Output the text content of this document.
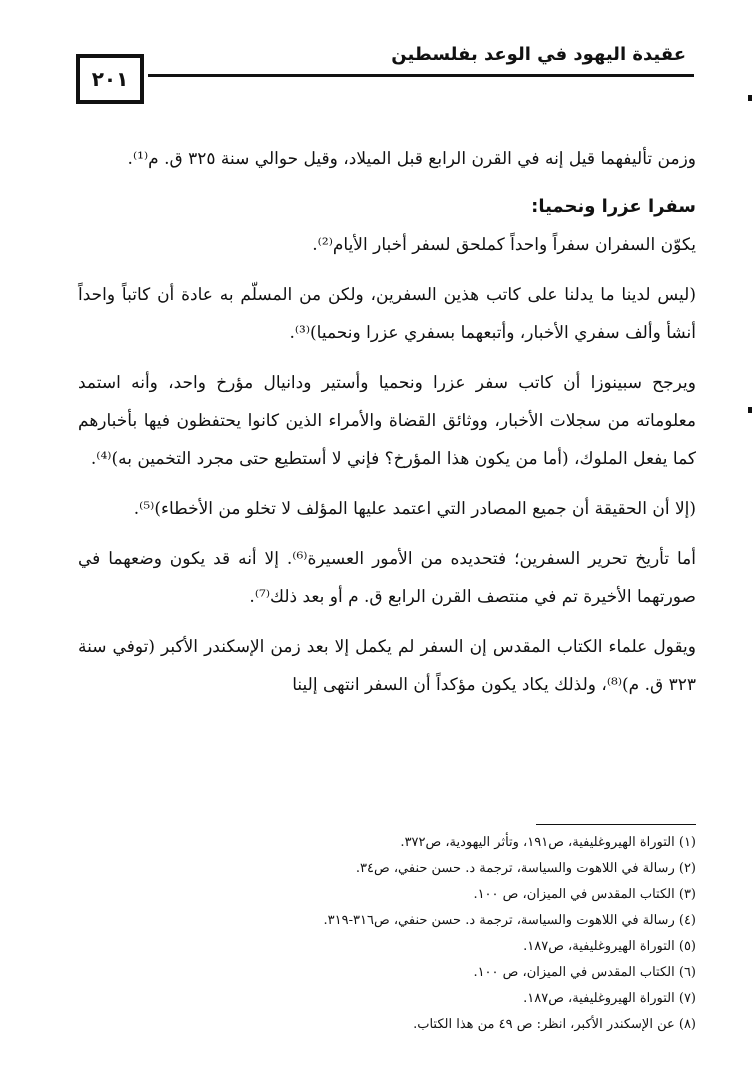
عقيدة اليهود في الوعد بفلسطين
٢٠١

وزمن تأليفهما قيل إنه في القرن الرابع قبل الميلاد، وقيل حوالي سنة ٣٢٥ ق. م⁽¹⁾.

سفرا عزرا ونحميا:

يكوّن السفران سفراً واحداً كملحق لسفر أخبار الأيام⁽²⁾.

(ليس لدينا ما يدلنا على كاتب هذين السفرين، ولكن من المسلّم به عادة أن كاتباً واحداً أنشأ وألف سفري الأخبار، وأتبعهما بسفري عزرا ونحميا)⁽³⁾.

ويرجح سبينوزا أن كاتب سفر عزرا ونحميا وأستير ودانيال مؤرخ واحد، وأنه استمد معلوماته من سجلات الأخبار، ووثائق القضاة والأمراء الذين كانوا يحتفظون فيها بأخبارهم كما يفعل الملوك، (أما من يكون هذا المؤرخ؟ فإني لا أستطيع حتى مجرد التخمين به)⁽⁴⁾.

(إلا أن الحقيقة أن جميع المصادر التي اعتمد عليها المؤلف لا تخلو من الأخطاء)⁽⁵⁾.

أما تأريخ تحرير السفرين؛ فتحديده من الأمور العسيرة⁽⁶⁾. إلا أنه قد يكون وضعهما في صورتهما الأخيرة تم في منتصف القرن الرابع ق. م أو بعد ذلك⁽⁷⁾.

ويقول علماء الكتاب المقدس إن السفر لم يكمل إلا بعد زمن الإسكندر الأكبر (توفي سنة ٣٢٣ ق. م)⁽⁸⁾، ولذلك يكاد يكون مؤكداً أن السفر انتهى إلينا

(١) التوراة الهيروغليفية، ص١٩١، وتأثر اليهودية، ص٣٧٢.
(٢) رسالة في اللاهوت والسياسة، ترجمة د. حسن حنفي، ص٣٤.
(٣) الكتاب المقدس في الميزان، ص ١٠٠.
(٤) رسالة في اللاهوت والسياسة، ترجمة د. حسن حنفي، ص٣١٦-٣١٩.
(٥) التوراة الهيروغليفية، ص١٨٧.
(٦) الكتاب المقدس في الميزان، ص ١٠٠.
(٧) التوراة الهيروغليفية، ص١٨٧.
(٨) عن الإسكندر الأكبر، انظر: ص ٤٩ من هذا الكتاب.
